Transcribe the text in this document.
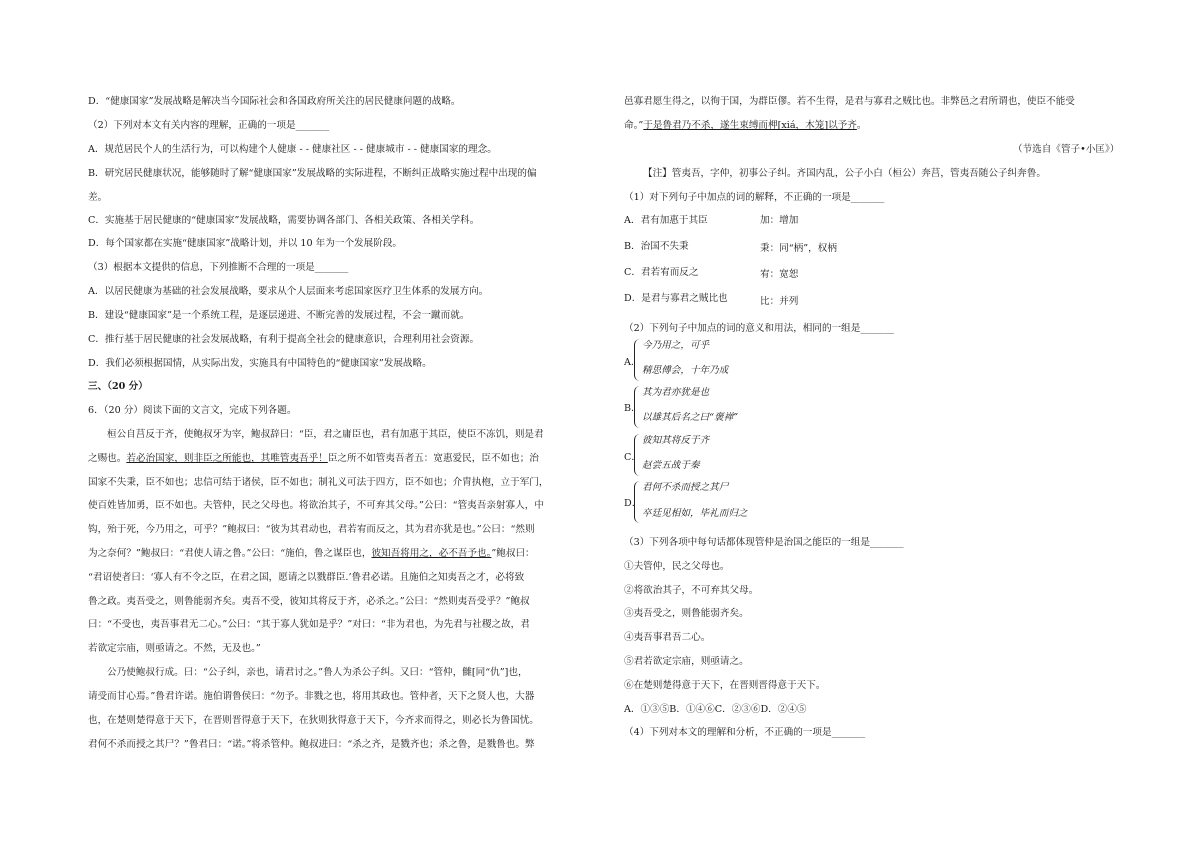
D．“健康国家”发展战略是解决当今国际社会和各国政府所关注的居民健康问题的战略。
（2）下列对本文有关内容的理解，正确的一项是_______
A．规范居民个人的生活行为，可以构建个人健康 - - 健康社区 - - 健康城市 - - 健康国家的理念。
B．研究居民健康状况，能够随时了解“健康国家”发展战略的实际进程，不断纠正战略实施过程中出现的偏
差。
C．实施基于居民健康的“健康国家”发展战略，需要协调各部门、各相关政策、各相关学科。
D．每个国家都在实施“健康国家”战略计划，并以 10 年为一个发展阶段。
（3）根据本文提供的信息，下列推断不合理的一项是_______
A．以居民健康为基础的社会发展战略，要求从个人层面来考虑国家医疗卫生体系的发展方向。
B．建设“健康国家”是一个系统工程，是逐层递进、不断完善的发展过程，不会一蹴而就。
C．推行基于居民健康的社会发展战略，有利于提高全社会的健康意识，合理利用社会资源。
D．我们必须根据国情，从实际出发，实施具有中国特色的“健康国家”发展战略。
三、（20 分）
6．（20 分）阅读下面的文言文，完成下列各题。
桓公自莒反于齐，使鲍叔牙为宰，鲍叔辞曰：“臣，君之庸臣也，君有加惠于其臣，使臣不冻饥，则是君
之赐也。若必治国家，则非臣之所能也，其唯管夷吾乎！臣之所不如管夷吾者五：宽惠爱民，臣不如也；治
国家不失秉，臣不如也；忠信可结于诸侯，臣不如也；制礼义可法于四方，臣不如也；介胄执枹，立于军门，
使百姓皆加勇，臣不如也。夫管仲，民之父母也。将欲治其子，不可弃其父母。”公曰：“管夷吾亲射寡人，中
钩，殆于死，今乃用之，可乎？”鲍叔曰：“彼为其君动也，君若宥而反之，其为君亦犹是也。”公曰：“然则
为之奈何？”鲍叔曰：“君使人请之鲁。”公曰：“施伯，鲁之谋臣也，彼知吾将用之，必不吾予也。”鲍叔曰：
“君诏使者曰：‘寡人有不令之臣，在君之国，愿请之以戮群臣.’鲁君必诺。且施伯之知夷吾之才，必将致
鲁之政。夷吾受之，则鲁能弱齐矣。夷吾不受，彼知其将反于齐，必杀之。”公曰：“然则夷吾受乎？”鲍叔
曰：“不受也，夷吾事君无二心。”公曰：“其于寡人犹如是乎？”对曰：“非为君也，为先君与社稷之故，君
若欲定宗庙，则亟请之。不然，无及也。”
公乃使鲍叔行成。曰：“公子纠，亲也，请君讨之。”鲁人为杀公子纠。又曰：“管仲，雠[同“仇”]也，
请受而甘心焉。”鲁君许诺。施伯谓鲁侯曰：“勿予。非戮之也，将用其政也。管仲者，天下之贤人也，大器
也，在楚则楚得意于天下，在晋则晋得意于天下，在狄则狄得意于天下，今齐求而得之，则必长为鲁国忧。
君何不杀而授之其尸？”鲁君曰：“诺。”将杀管仲。鲍叔进曰：“杀之齐，是戮齐也；杀之鲁，是戮鲁也。弊
邑寡君愿生得之，以徇于国，为群臣僇。若不生得，是君与寡君之贼比也。非弊邑之君所谓也，使臣不能受
命。”于是鲁君乃不杀，遂生束缚而柙[xiá，木笼]以予齐。
（节选自《管子•小匡》）
【注】管夷吾，字仲，初事公子纠。齐国内乱，公子小白（桓公）奔莒，管夷吾随公子纠奔鲁。
（1）对下列句子中加点的词的解释，不正确的一项是_______
A．君有加惠于其臣	加：增加
B．治国不失秉	秉：同“柄”，权柄
C．君若宥而反之	宥：宽恕
D．是君与寡君之贼比也	比：并列
（2）下列句子中加点的词的意义和用法，相同的一组是_______
A．
今乃用之，可乎
精思傅会，十年乃成
B．
其为君亦犹是也
以雄其后名之曰“褒禅”
C．
彼知其将反于齐
赵尝五战于秦
D．
君何不杀而授之其尸
卒廷见相如，毕礼而归之
（3）下列各项中每句话都体现管仲是治国之能臣的一组是_______
①夫管仲，民之父母也。
②将欲治其子，不可弃其父母。
③夷吾受之，则鲁能弱齐矣。
④夷吾事君吾二心。
⑤君若欲定宗庙，则亟请之。
⑥在楚则楚得意于天下，在晋则晋得意于天下。
A．①③⑤B．①④⑥C．②③⑥D．②④⑤
（4）下列对本文的理解和分析，不正确的一项是_______
